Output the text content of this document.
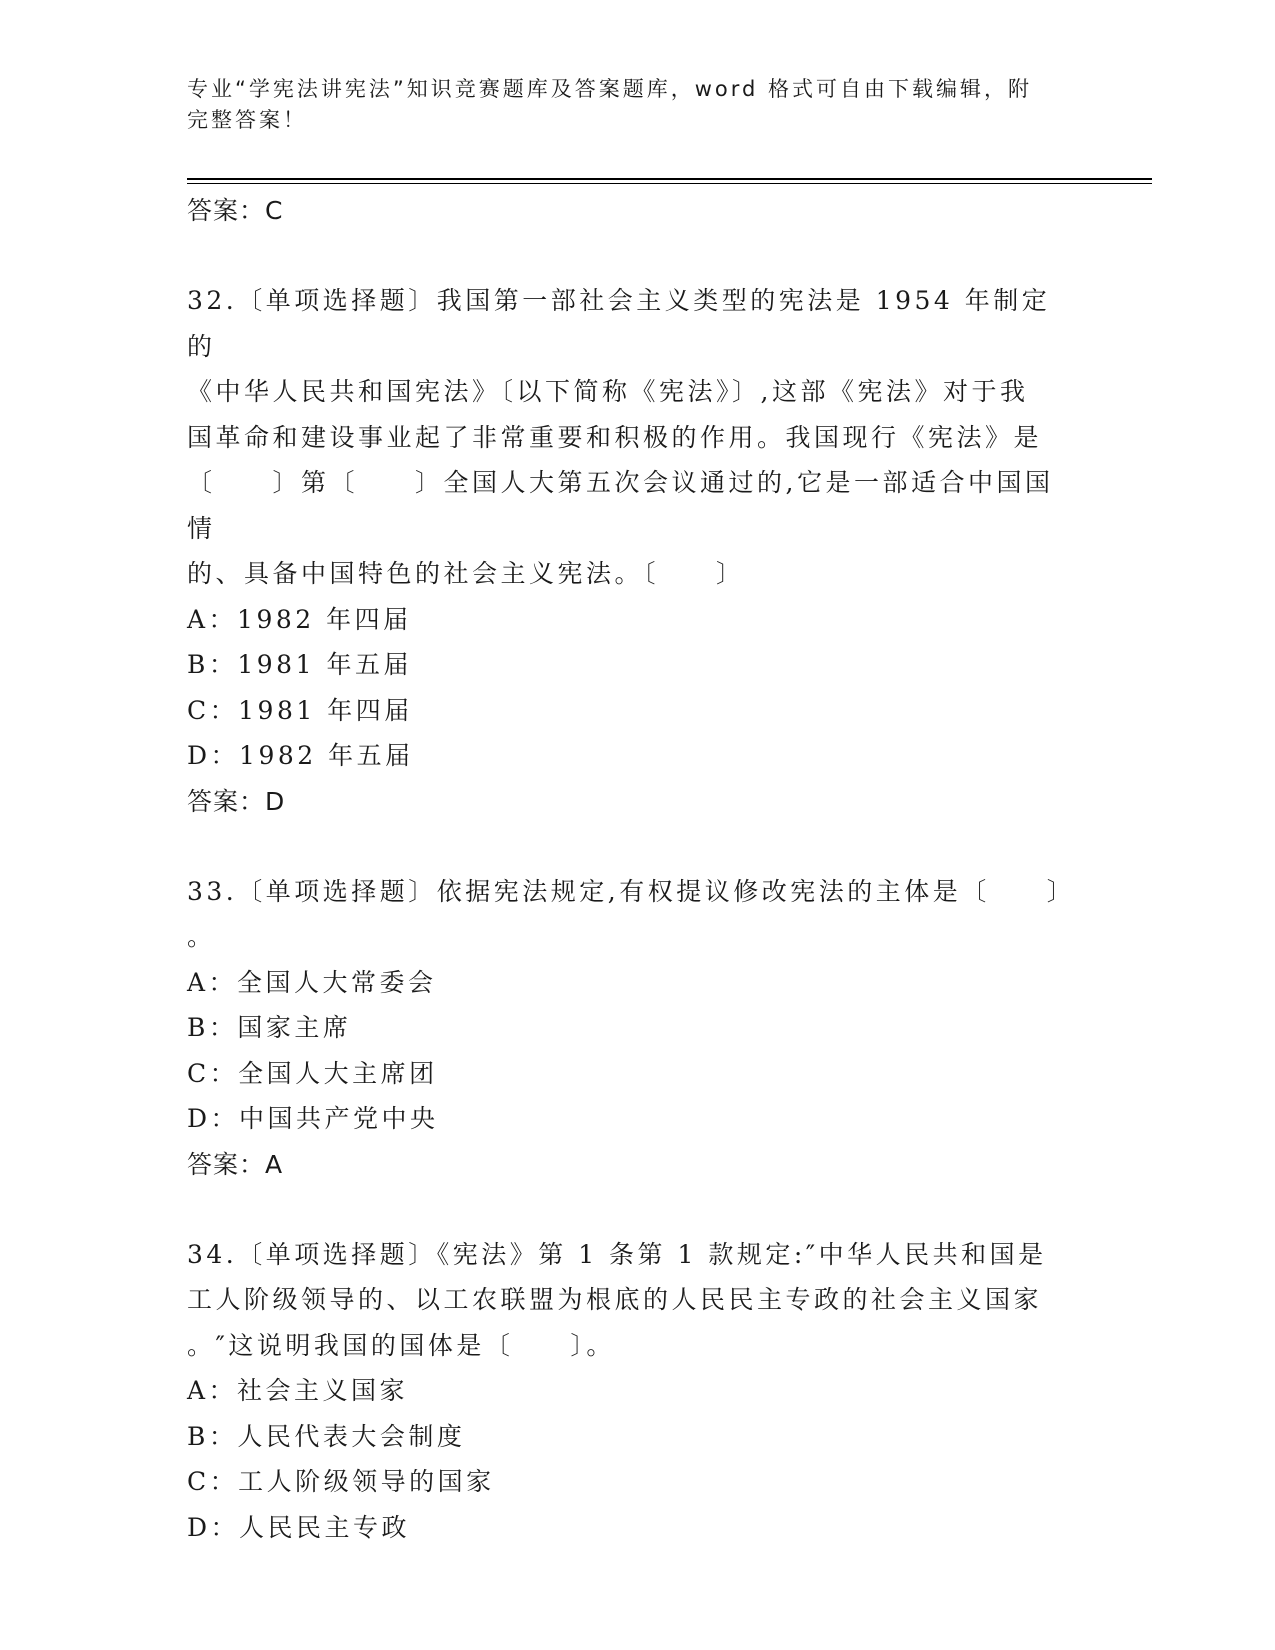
专业“学宪法讲宪法”知识竞赛题库及答案题库，word 格式可自由下载编辑，附
完整答案！
答案：C
32.〔单项选择题〕我国第一部社会主义类型的宪法是 1954 年制定的
《中华人民共和国宪法》〔以下简称《宪法》〕,这部《宪法》对于我
国革命和建设事业起了非常重要和积极的作用。我国现行《宪法》是
〔　　〕第〔　　〕全国人大第五次会议通过的,它是一部适合中国国情
的、具备中国特色的社会主义宪法。〔　　〕
A：1982 年四届
B：1981 年五届
C：1981 年四届
D：1982 年五届
答案：D
33.〔单项选择题〕依据宪法规定,有权提议修改宪法的主体是〔　　〕
。
A：全国人大常委会
B：国家主席
C：全国人大主席团
D：中国共产党中央
答案：A
34.〔单项选择题〕《宪法》第 1 条第 1 款规定:″中华人民共和国是
工人阶级领导的、以工农联盟为根底的人民民主专政的社会主义国家
。″这说明我国的国体是〔　　〕。
A：社会主义国家
B：人民代表大会制度
C：工人阶级领导的国家
D：人民民主专政
